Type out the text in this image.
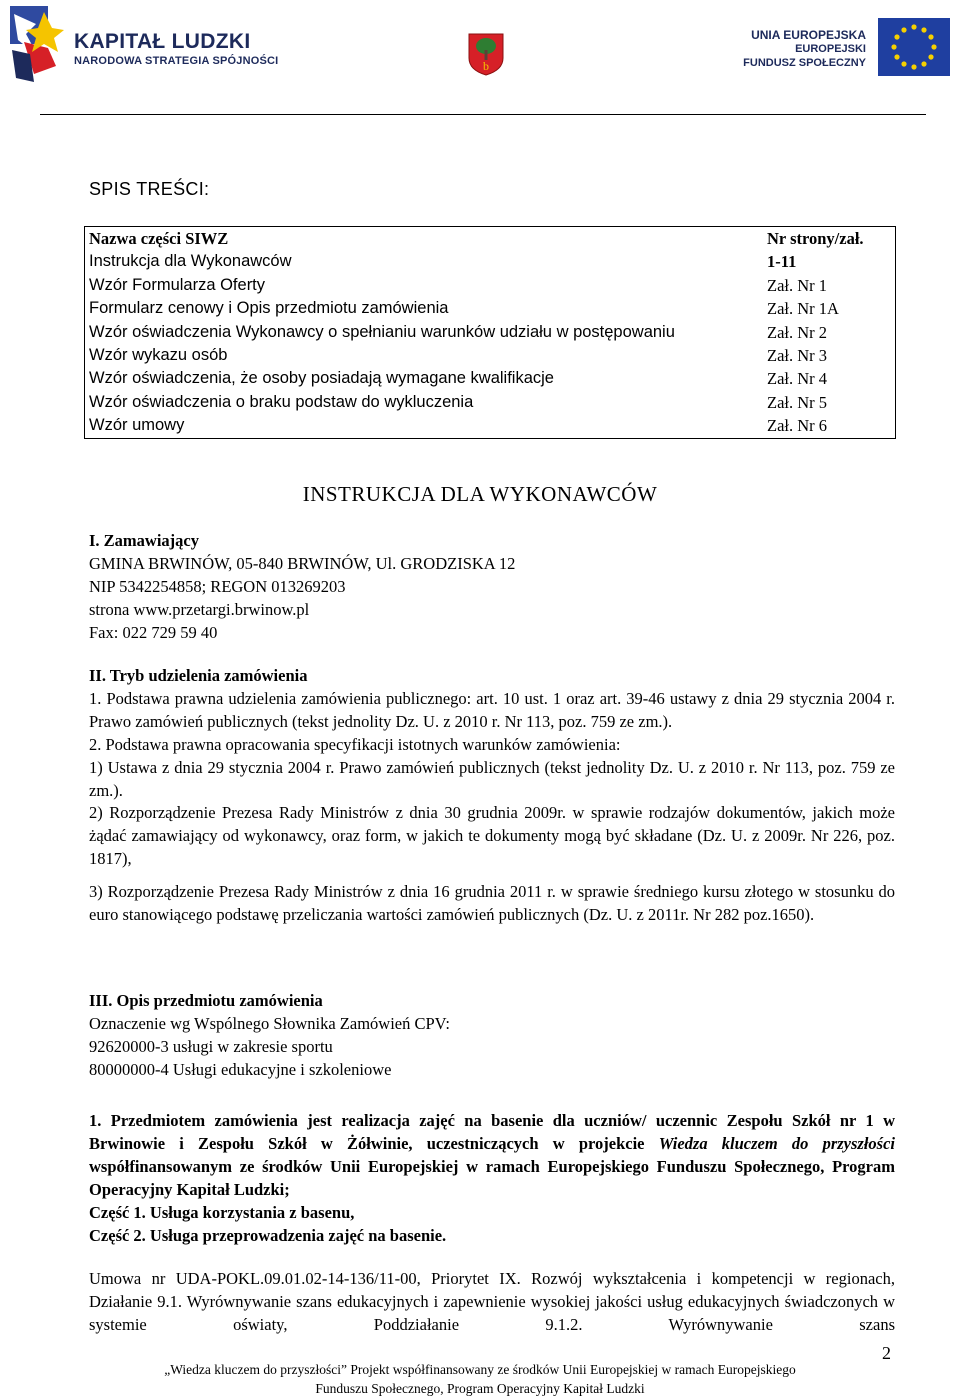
KAPITAŁ LUDZKI
NARODOWA STRATEGIA SPÓJNOŚCI	b
UNIA EUROPEJSKA
EUROPEJSKI
FUNDUSZ SPOŁECZNY
SPIS TREŚCI:
Nazwa części SIWZ	Nr strony/zał.
Instrukcja dla Wykonawców	1-11
Wzór Formularza Oferty	Zał. Nr 1
Formularz cenowy i Opis przedmiotu zamówienia	Zał. Nr 1A
Wzór oświadczenia Wykonawcy o spełnianiu warunków udziału w postępowaniu	Zał. Nr 2
Wzór wykazu osób	Zał. Nr 3
Wzór oświadczenia, że osoby posiadają wymagane kwalifikacje	Zał. Nr 4
Wzór oświadczenia o braku podstaw do wykluczenia	Zał. Nr 5
Wzór umowy	Zał. Nr 6
INSTRUKCJA DLA WYKONAWCÓW

I. Zamawiający

GMINA BRWINÓW, 05-840 BRWINÓW, Ul. GRODZISKA 12

NIP 5342254858; REGON 013269203

strona www.przetargi.brwinow.pl

Fax: 022 729 59 40

II. Tryb udzielenia zamówienia

1. Podstawa prawna udzielenia zamówienia publicznego: art. 10 ust. 1 oraz art. 39-46 ustawy z dnia 29 stycznia 2004 r. Prawo zamówień publicznych (tekst jednolity Dz. U. z 2010 r. Nr 113, poz. 759 ze zm.).

2. Podstawa prawna opracowania specyfikacji istotnych warunków zamówienia:

1) Ustawa z dnia 29 stycznia 2004 r. Prawo zamówień publicznych (tekst jednolity Dz. U. z 2010 r. Nr 113, poz. 759 ze zm.).

2) Rozporządzenie Prezesa Rady Ministrów z dnia 30 grudnia 2009r. w sprawie rodzajów dokumentów, jakich może żądać zamawiający od wykonawcy, oraz form, w jakich te dokumenty mogą być składane (Dz. U. z 2009r. Nr 226, poz. 1817),

3) Rozporządzenie Prezesa Rady Ministrów z dnia 16 grudnia 2011 r. w sprawie średniego kursu złotego w stosunku do euro stanowiącego podstawę przeliczania wartości zamówień publicznych (Dz. U. z 2011r. Nr 282 poz.1650).

III. Opis przedmiotu zamówienia

Oznaczenie wg Wspólnego Słownika Zamówień CPV:

92620000-3 usługi w zakresie sportu

80000000-4 Usługi edukacyjne i szkoleniowe

1. Przedmiotem zamówienia jest realizacja zajęć na basenie dla uczniów/ uczennic Zespołu Szkół nr 1 w Brwinowie i Zespołu Szkół w Żółwinie, uczestniczących w projekcie Wiedza kluczem do przyszłości współfinansowanym ze środków Unii Europejskiej w ramach Europejskiego Funduszu Społecznego, Program Operacyjny Kapitał Ludzki;

Część 1. Usługa korzystania z basenu,

Część 2. Usługa przeprowadzenia zajęć na basenie.

Umowa nr UDA-POKL.09.01.02-14-136/11-00, Priorytet IX. Rozwój wykształcenia i kompetencji w regionach, Działanie 9.1. Wyrównywanie szans edukacyjnych i zapewnienie wysokiej jakości usług edukacyjnych świadczonych w systemie oświaty, Poddziałanie 9.1.2. Wyrównywanie szans

2
„Wiedza kluczem do przyszłości” Projekt współfinansowany ze środków Unii Europejskiej w ramach Europejskiego
Funduszu Społecznego, Program Operacyjny Kapitał Ludzki
